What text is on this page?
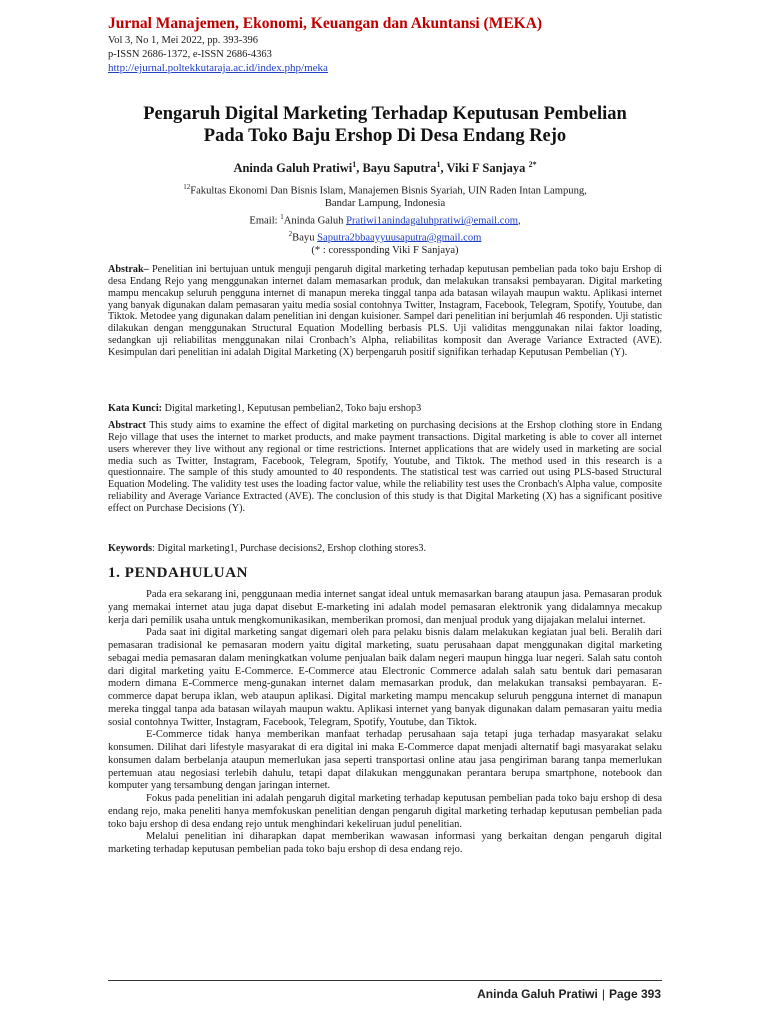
Jurnal Manajemen, Ekonomi, Keuangan dan Akuntansi (MEKA)
Vol 3, No 1, Mei 2022, pp. 393-396
p-ISSN 2686-1372, e-ISSN 2686-4363
http://ejurnal.poltekkutaraja.ac.id/index.php/meka
Pengaruh Digital Marketing Terhadap Keputusan Pembelian
Pada Toko Baju Ershop Di Desa Endang Rejo
Aninda Galuh Pratiwi$^1$, Bayu Saputra$^1$, Viki F Sanjaya $^{2*}$
$^{12}$Fakultas Ekonomi Dan Bisnis Islam, Manajemen Bisnis Syariah, UIN Raden Intan Lampung,
Bandar Lampung, Indonesia
Email: $^1$Aninda Galuh Pratiwi1anindagaluhpratiwi@email.com,
$^2$Bayu Saputra2bbaayyuusaputra@gmail.com
(* : coressponding Viki F Sanjaya)
Abstrak– Penelitian ini bertujuan untuk menguji pengaruh digital marketing terhadap keputusan pembelian pada toko baju Ershop di desa Endang Rejo yang menggunakan internet dalam memasarkan produk, dan melakukan transaksi pembayaran. Digital marketing mampu mencakup seluruh pengguna internet di manapun mereka tinggal tanpa ada batasan wilayah maupun waktu. Aplikasi internet yang banyak digunakan dalam pemasaran yaitu media sosial contohnya Twitter, Instagram, Facebook, Telegram, Spotify, Youtube, dan Tiktok. Metodee yang digunakan dalam penelitian ini dengan kuisioner. Sampel dari penelitian ini berjumlah 46 responden. Uji statistic dilakukan dengan menggunakan Structural Equation Modelling berbasis PLS. Uji validitas menggunakan nilai faktor loading, sedangkan uji reliabilitas menggunakan nilai Cronbach’s Alpha, reliabilitas komposit dan Average Variance Extracted (AVE). Kesimpulan dari penelitian ini adalah Digital Marketing (X) berpengaruh positif signifikan terhadap Keputusan Pembelian (Y).
Kata Kunci: Digital marketing1, Keputusan pembelian2, Toko baju ershop3
Abstract This study aims to examine the effect of digital marketing on purchasing decisions at the Ershop clothing store in Endang Rejo village that uses the internet to market products, and make payment transactions. Digital marketing is able to cover all internet users wherever they live without any regional or time restrictions. Internet applications that are widely used in marketing are social media such as Twitter, Instagram, Facebook, Telegram, Spotify, Youtube, and Tiktok. The method used in this research is a questionnaire. The sample of this study amounted to 40 respondents. The statistical test was carried out using PLS-based Structural Equation Modeling. The validity test uses the loading factor value, while the reliability test uses the Cronbach's Alpha value, composite reliability and Average Variance Extracted (AVE). The conclusion of this study is that Digital Marketing (X) has a significant positive effect on Purchase Decisions (Y).
Keywords: Digital marketing1, Purchase decisions2, Ershop clothing stores3.
1. PENDAHULUAN

Pada era sekarang ini, penggunaan media internet sangat ideal untuk memasarkan barang ataupun jasa. Pemasaran produk yang memakai internet atau juga dapat disebut E-marketing ini adalah model pemasaran elektronik yang didalamnya mecakup kerja dari pemilik usaha untuk mengkomunikasikan, memberikan promosi, dan menjual produk yang dijajakan melalui internet.

Pada saat ini digital marketing sangat digemari oleh para pelaku bisnis dalam melakukan kegiatan jual beli. Beralih dari pemasaran tradisional ke pemasaran modern yaitu digital marketing, suatu perusahaan dapat menggunakan digital marketing sebagai media pemasaran dalam meningkatkan volume penjualan baik dalam negeri maupun hingga luar negeri. Salah satu contoh dari digital marketing yaitu E-Commerce. E-Commerce atau Electronic Commerce adalah salah satu bentuk dari pemasaran modern dimana E-Commerce meng-gunakan internet dalam memasarkan produk, dan melakukan transaksi pembayaran. E-commerce dapat berupa iklan, web ataupun aplikasi. Digital marketing mampu mencakup seluruh pengguna internet di manapun mereka tinggal tanpa ada batasan wilayah maupun waktu. Aplikasi internet yang banyak digunakan dalam pemasaran yaitu media sosial contohnya Twitter, Instagram, Facebook, Telegram, Spotify, Youtube, dan Tiktok.

E-Commerce tidak hanya memberikan manfaat terhadap perusahaan saja tetapi juga terhadap masyarakat selaku konsumen. Dilihat dari lifestyle masyarakat di era digital ini maka E-Commerce dapat menjadi alternatif bagi masyarakat selaku konsumen dalam berbelanja ataupun memerlukan jasa seperti transportasi online atau jasa pengiriman barang tanpa memerlukan pertemuan atau negosiasi terlebih dahulu, tetapi dapat dilakukan menggunakan perantara berupa smartphone, notebook dan komputer yang tersambung dengan jaringan internet.

Fokus pada penelitian ini adalah pengaruh digital marketing terhadap keputusan pembelian pada toko baju ershop di desa endang rejo, maka peneliti hanya memfokuskan penelitian dengan pengaruh digital marketing terhadap keputusan pembelian pada toko baju ershop di desa endang rejo untuk menghindari kekeliruan judul penelitian.

Melalui penelitian ini diharapkan dapat memberikan wawasan informasi yang berkaitan dengan pengaruh digital marketing terhadap keputusan pembelian pada toko baju ershop di desa endang rejo.

Aninda Galuh Pratiwi | Page 393
